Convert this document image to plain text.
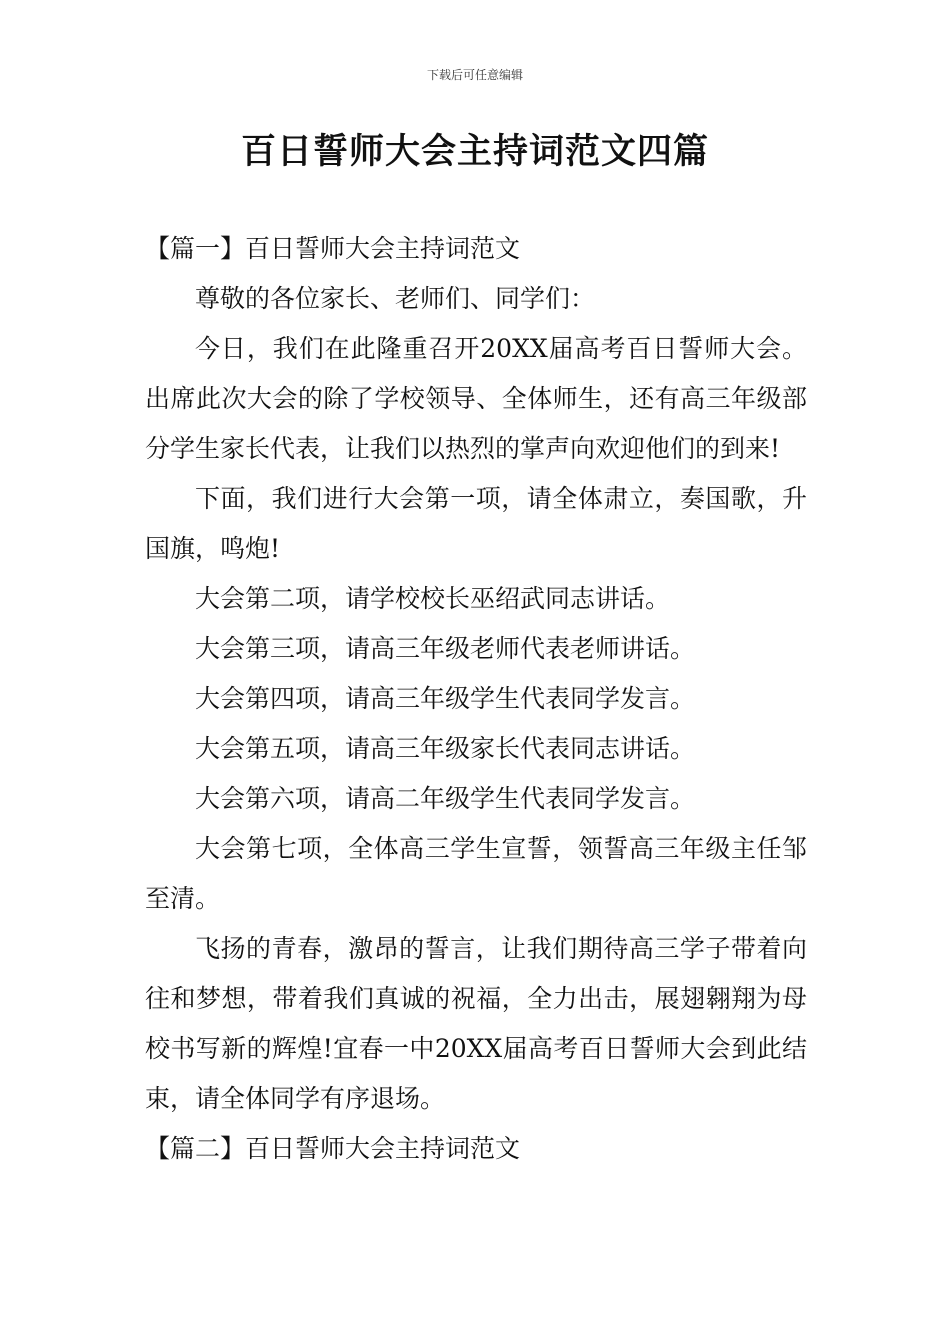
下载后可任意编辑
百日誓师大会主持词范文四篇

【篇一】百日誓师大会主持词范文

尊敬的各位家长、老师们、同学们：

今日，我们在此隆重召开20XX届高考百日誓师大会。出席此次大会的除了学校领导、全体师生，还有高三年级部分学生家长代表，让我们以热烈的掌声向欢迎他们的到来!

下面，我们进行大会第一项，请全体肃立，奏国歌，升国旗，鸣炮!

大会第二项，请学校校长巫绍武同志讲话。

大会第三项，请高三年级老师代表老师讲话。

大会第四项，请高三年级学生代表同学发言。

大会第五项，请高三年级家长代表同志讲话。

大会第六项，请高二年级学生代表同学发言。

大会第七项，全体高三学生宣誓，领誓高三年级主任邹至清。

飞扬的青春，激昂的誓言，让我们期待高三学子带着向往和梦想，带着我们真诚的祝福，全力出击，展翅翱翔为母校书写新的辉煌!宜春一中20XX届高考百日誓师大会到此结束，请全体同学有序退场。

【篇二】百日誓师大会主持词范文
